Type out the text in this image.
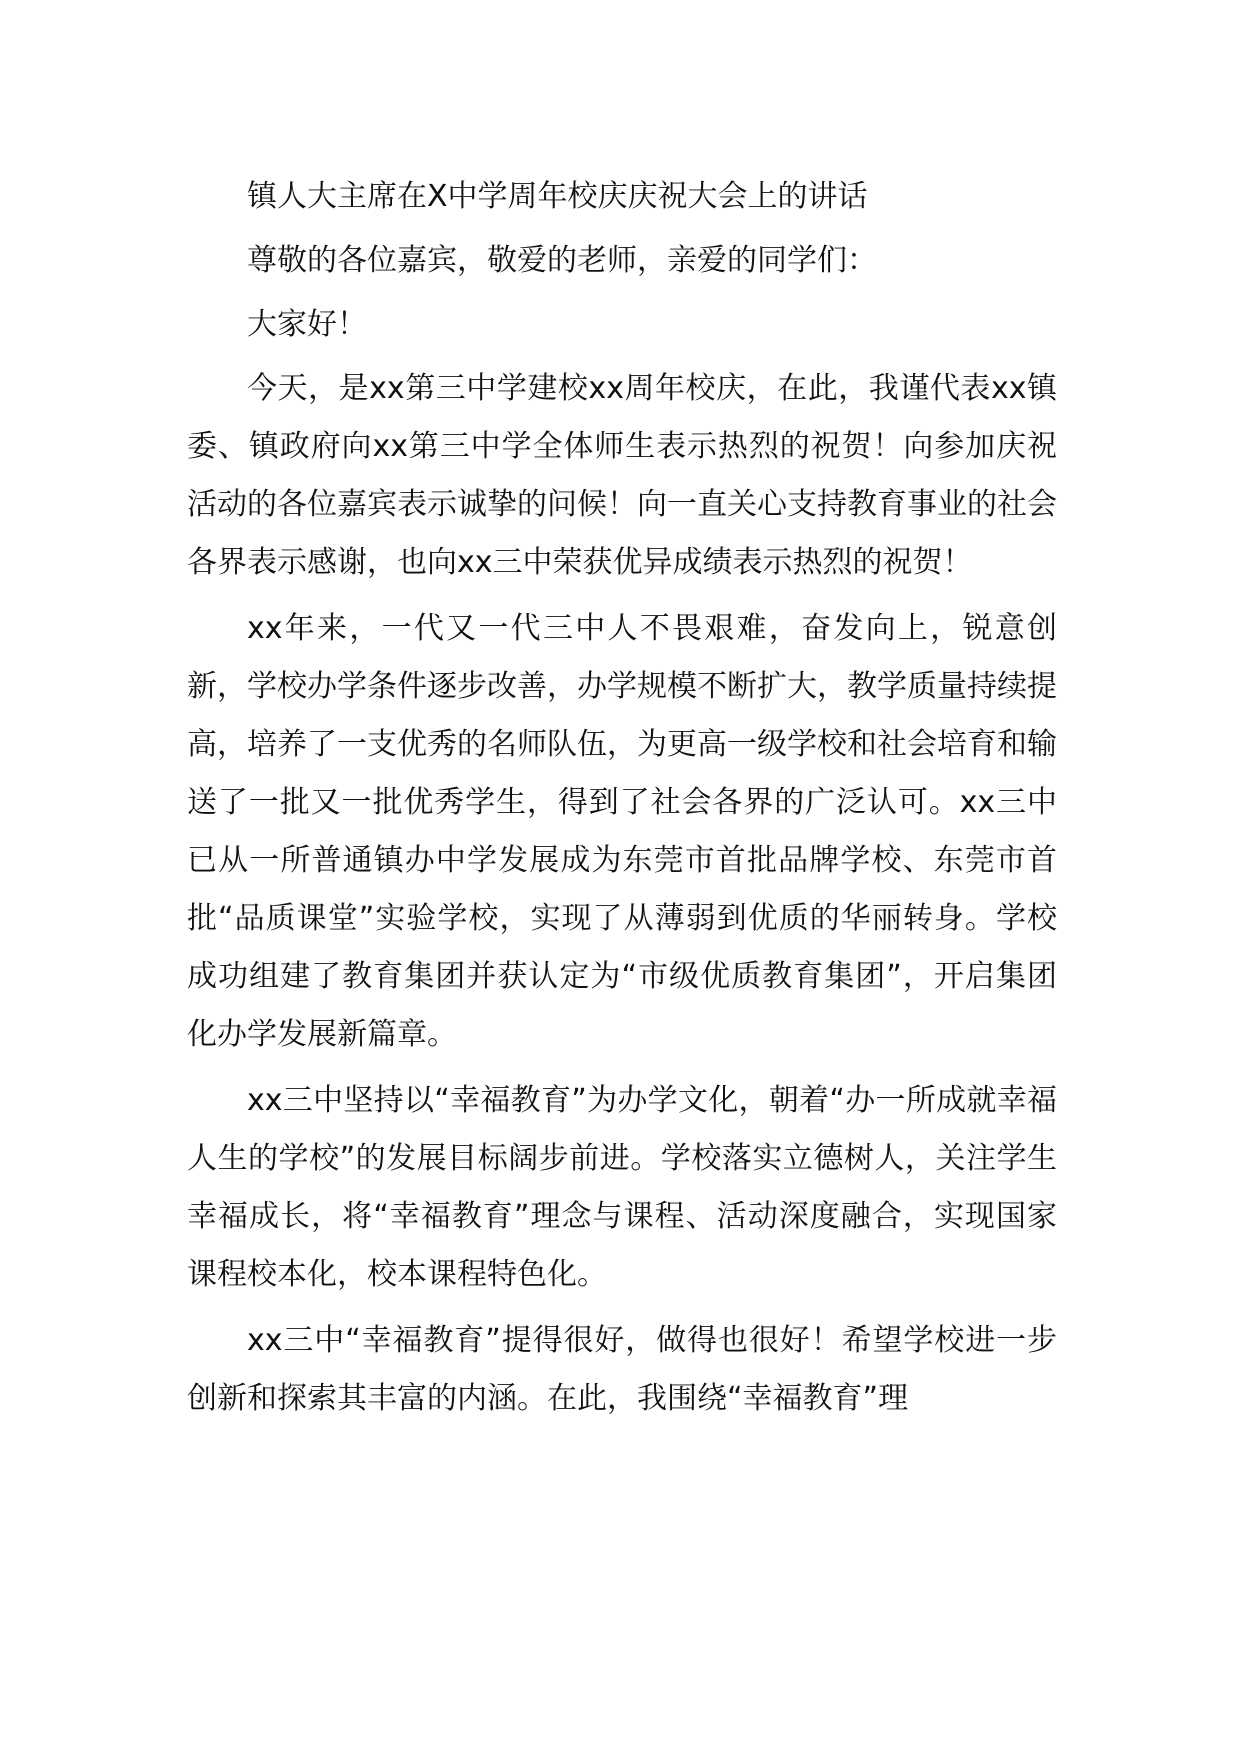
镇人大主席在X中学周年校庆庆祝大会上的讲话

尊敬的各位嘉宾，敬爱的老师，亲爱的同学们：

大家好！

今天，是xx第三中学建校xx周年校庆，在此，我谨代表xx镇委、镇政府向xx第三中学全体师生表示热烈的祝贺！向参加庆祝活动的各位嘉宾表示诚挚的问候！向一直关心支持教育事业的社会各界表示感谢，也向xx三中荣获优异成绩表示热烈的祝贺！

xx年来，一代又一代三中人不畏艰难，奋发向上，锐意创新，学校办学条件逐步改善，办学规模不断扩大，教学质量持续提高，培养了一支优秀的名师队伍，为更高一级学校和社会培育和输送了一批又一批优秀学生，得到了社会各界的广泛认可。xx三中已从一所普通镇办中学发展成为东莞市首批品牌学校、东莞市首批“品质课堂”实验学校，实现了从薄弱到优质的华丽转身。学校成功组建了教育集团并获认定为“市级优质教育集团”，开启集团化办学发展新篇章。

xx三中坚持以“幸福教育”为办学文化，朝着“办一所成就幸福人生的学校”的发展目标阔步前进。学校落实立德树人，关注学生幸福成长，将“幸福教育”理念与课程、活动深度融合，实现国家课程校本化，校本课程特色化。

xx三中“幸福教育”提得很好，做得也很好！希望学校进一步创新和探索其丰富的内涵。在此，我围绕“幸福教育”理
